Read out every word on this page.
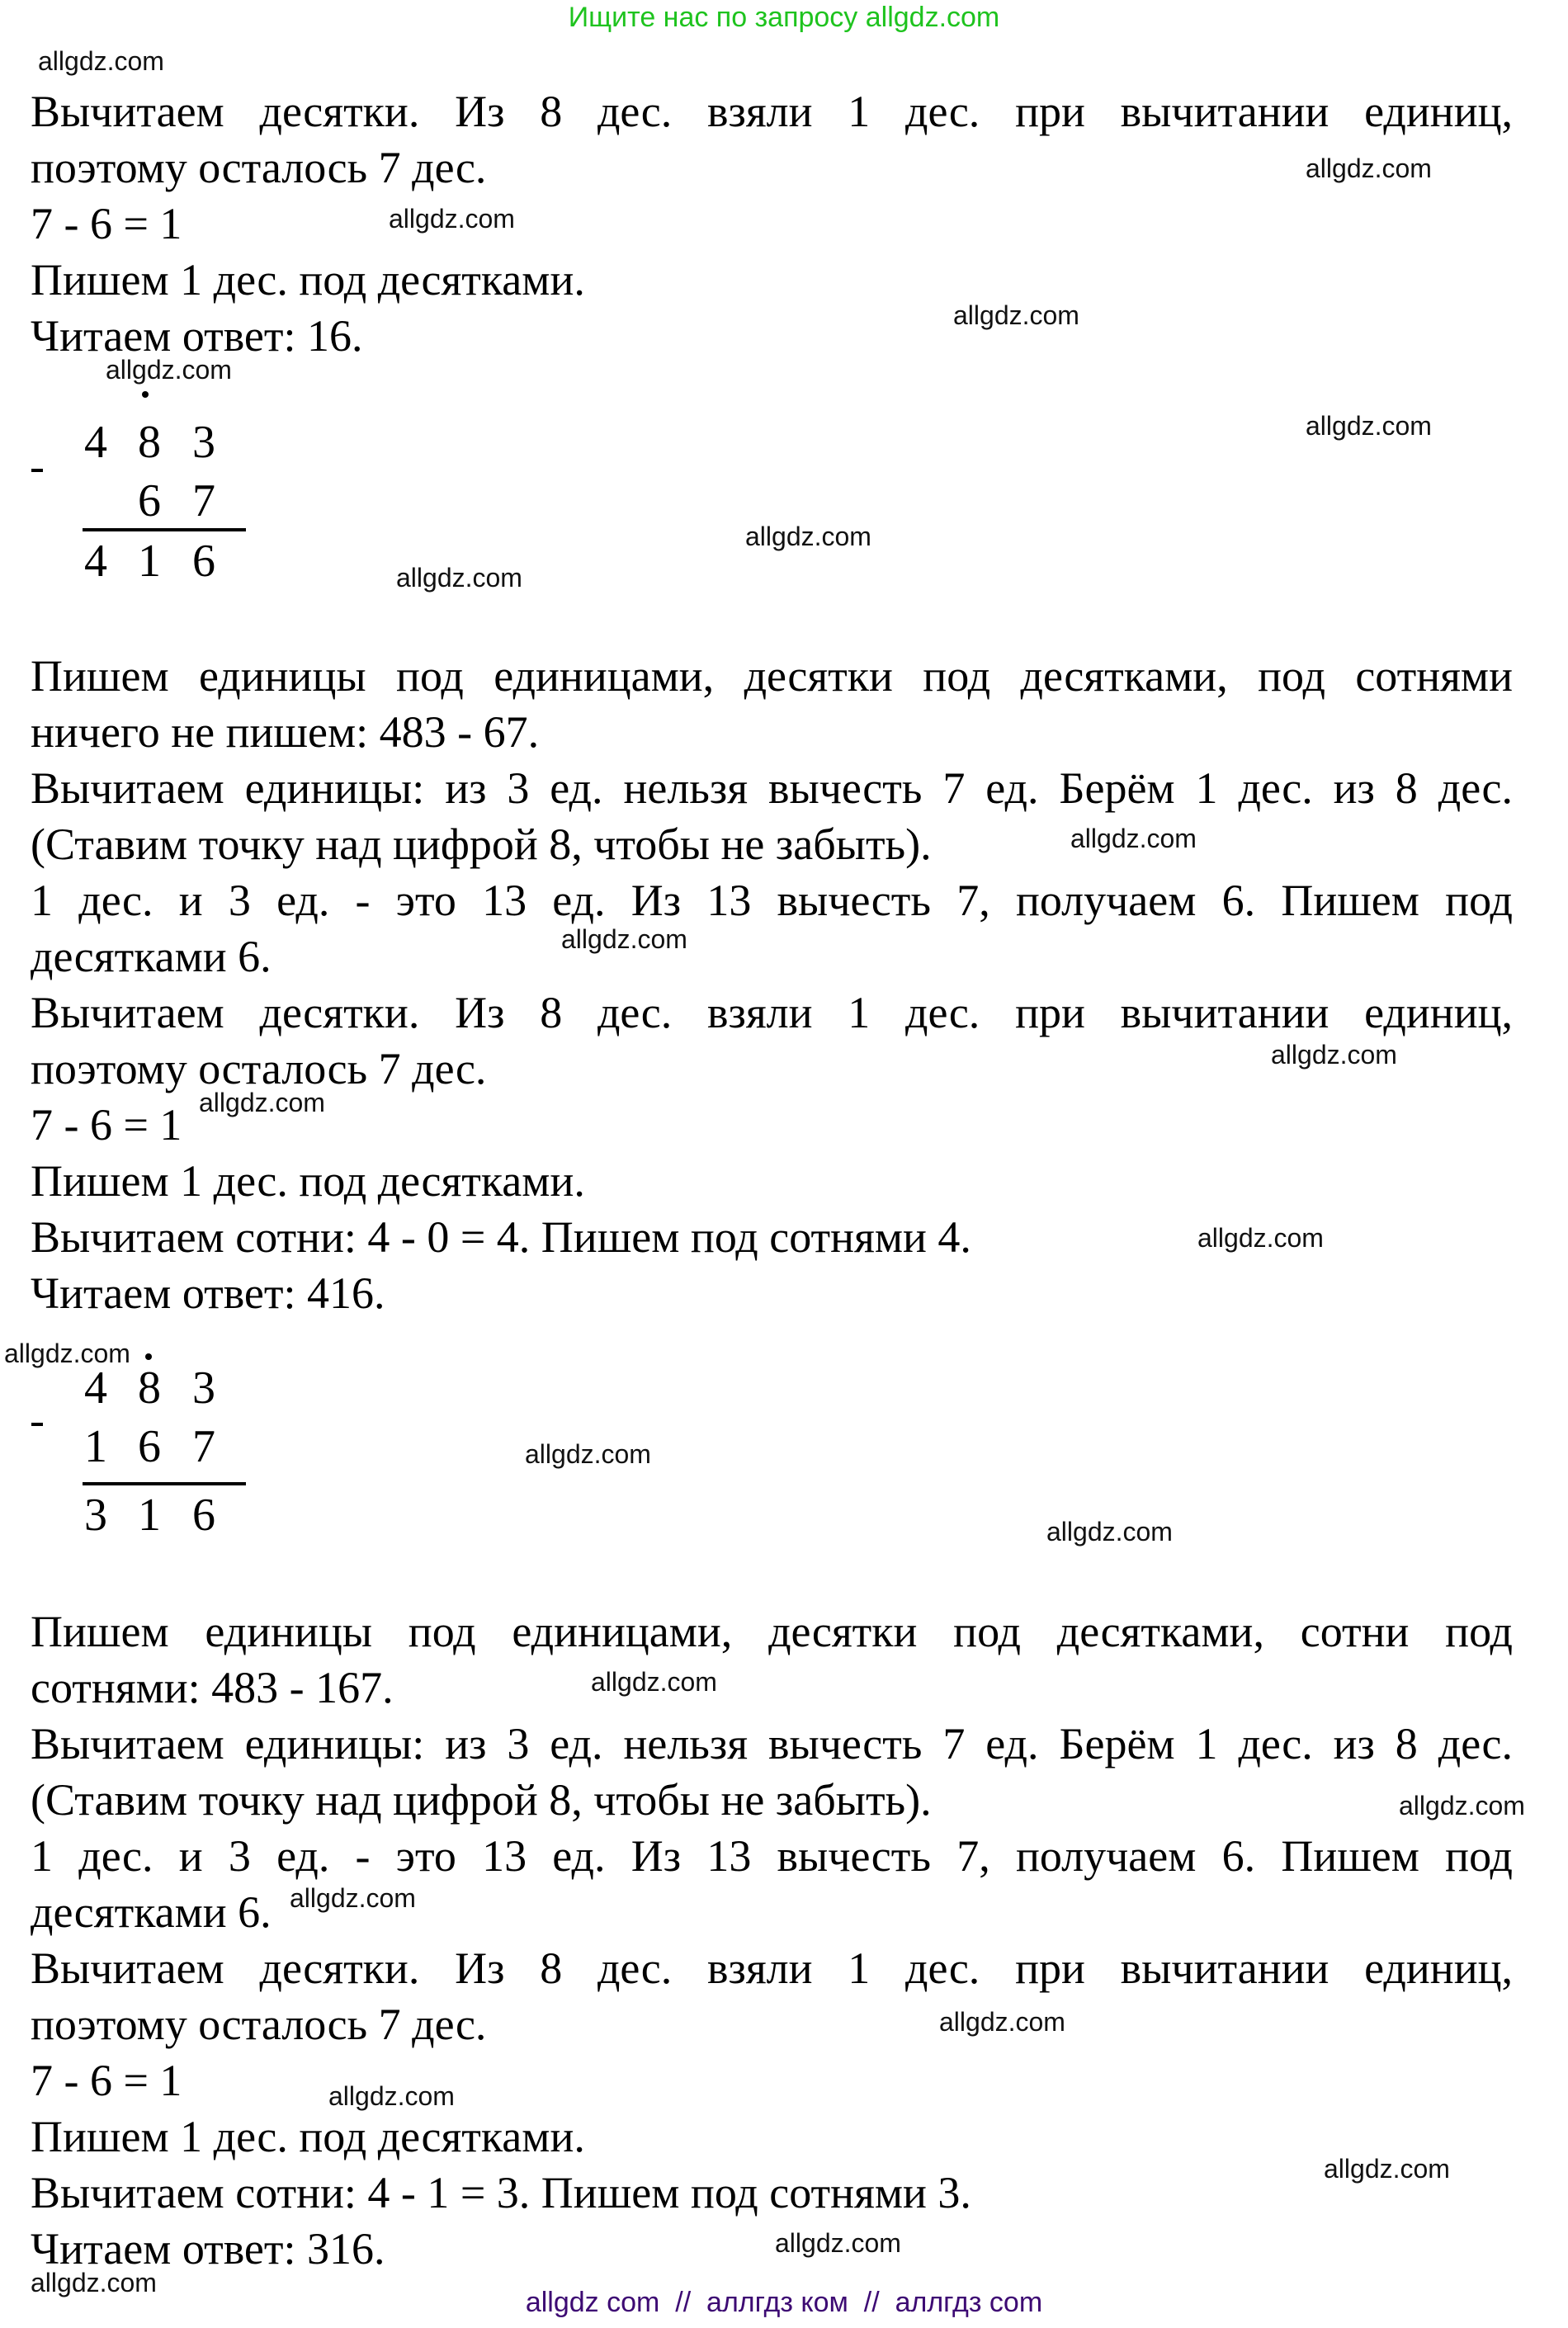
Ищите нас по запросу allgdz.com
Вычитаем десятки. Из 8 дес. взяли 1 дес. при вычитании единиц,
поэтому осталось 7 дес.
7 - 6 = 1
Пишем 1 дес. под десятками.
Читаем ответ: 16.
4 8 3
6 7
4 1 6
Пишем единицы под единицами, десятки под десятками, под сотнями
ничего не пишем: 483 - 67.
Вычитаем единицы: из 3 ед. нельзя вычесть 7 ед. Берём 1 дес. из 8 дес.
(Ставим точку над цифрой 8, чтобы не забыть).
1 дес. и 3 ед. - это 13 ед. Из 13 вычесть 7, получаем 6. Пишем под
десятками 6.
Вычитаем десятки. Из 8 дес. взяли 1 дес. при вычитании единиц,
поэтому осталось 7 дес.
7 - 6 = 1
Пишем 1 дес. под десятками.
Вычитаем сотни: 4 - 0 = 4. Пишем под сотнями 4.
Читаем ответ: 416.
4 8 3
1 6 7
3 1 6
Пишем единицы под единицами, десятки под десятками, сотни под
сотнями: 483 - 167.
Вычитаем единицы: из 3 ед. нельзя вычесть 7 ед. Берём 1 дес. из 8 дес.
(Ставим точку над цифрой 8, чтобы не забыть).
1 дес. и 3 ед. - это 13 ед. Из 13 вычесть 7, получаем 6. Пишем под
десятками 6.
Вычитаем десятки. Из 8 дес. взяли 1 дес. при вычитании единиц,
поэтому осталось 7 дес.
7 - 6 = 1
Пишем 1 дес. под десятками.
Вычитаем сотни: 4 - 1 = 3. Пишем под сотнями 3.
Читаем ответ: 316.
allgdz.com
allgdz.com
allgdz.com
allgdz.com
allgdz.com
allgdz.com
allgdz.com
allgdz.com
allgdz.com
allgdz.com
allgdz.com
allgdz.com
allgdz.com
allgdz.com
allgdz.com
allgdz.com
allgdz.com
allgdz.com
allgdz.com
allgdz.com
allgdz.com
allgdz.com
allgdz.com
allgdz.com
allgdz com  //  аллгдз ком  //  аллгдз com
